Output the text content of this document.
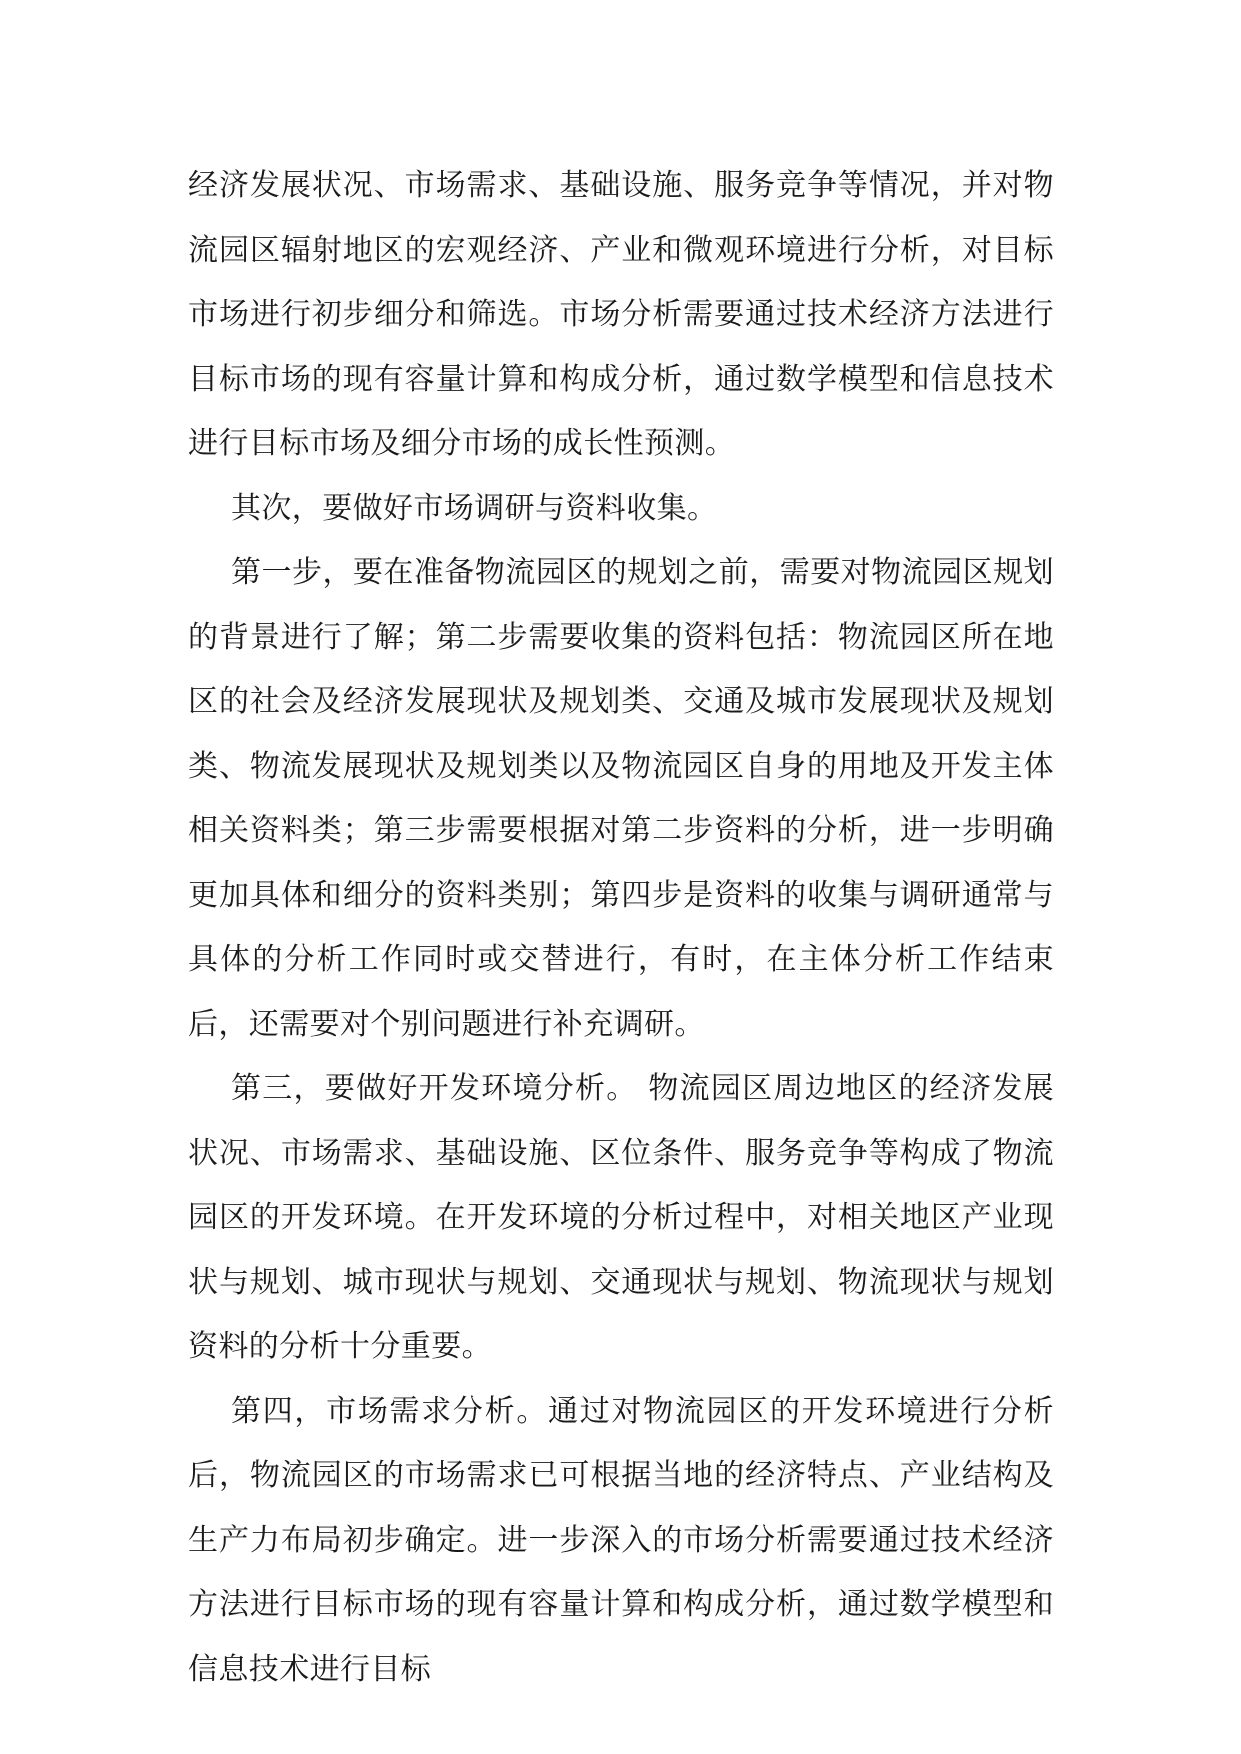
经济发展状况、市场需求、基础设施、服务竞争等情况，并对物流园区辐射地区的宏观经济、产业和微观环境进行分析，对目标市场进行初步细分和筛选。市场分析需要通过技术经济方法进行目标市场的现有容量计算和构成分析，通过数学模型和信息技术进行目标市场及细分市场的成长性预测。

其次，要做好市场调研与资料收集。

第一步，要在准备物流园区的规划之前，需要对物流园区规划的背景进行了解；第二步需要收集的资料包括：物流园区所在地区的社会及经济发展现状及规划类、交通及城市发展现状及规划类、物流发展现状及规划类以及物流园区自身的用地及开发主体相关资料类；第三步需要根据对第二步资料的分析，进一步明确更加具体和细分的资料类别；第四步是资料的收集与调研通常与具体的分析工作同时或交替进行，有时，在主体分析工作结束后，还需要对个别问题进行补充调研。

第三，要做好开发环境分析。 物流园区周边地区的经济发展状况、市场需求、基础设施、区位条件、服务竞争等构成了物流园区的开发环境。在开发环境的分析过程中，对相关地区产业现状与规划、城市现状与规划、交通现状与规划、物流现状与规划资料的分析十分重要。

第四，市场需求分析。通过对物流园区的开发环境进行分析后，物流园区的市场需求已可根据当地的经济特点、产业结构及生产力布局初步确定。进一步深入的市场分析需要通过技术经济方法进行目标市场的现有容量计算和构成分析，通过数学模型和信息技术进行目标
